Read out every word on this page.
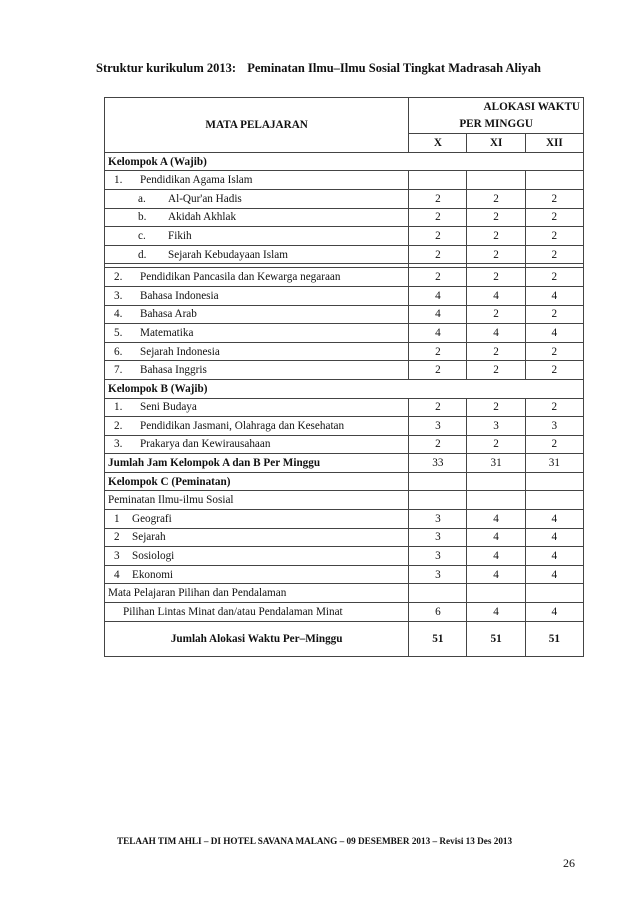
Struktur kurikulum 2013: Peminatan Ilmu–Ilmu Sosial Tingkat Madrasah Aliyah
MATA PELAJARAN	ALOKASI WAKTU		
	PER MINGGU		
	X	XI	XII
Kelompok A (Wajib)			
1. Pendidikan Agama Islam			
a. Al-Qur'an Hadis	2	2	2
b. Akidah Akhlak	2	2	2
c. Fikih	2	2	2
d. Sejarah Kebudayaan Islam	2	2	2

2. Pendidikan Pancasila dan Kewarga negaraan	2	2	2
3. Bahasa Indonesia	4	4	4
4. Bahasa Arab	4	2	2
5. Matematika	4	4	4
6. Sejarah Indonesia	2	2	2
7. Bahasa Inggris	2	2	2
Kelompok B (Wajib)			
1. Seni Budaya	2	2	2
2. Pendidikan Jasmani, Olahraga dan Kesehatan	3	3	3
3. Prakarya dan Kewirausahaan	2	2	2
Jumlah Jam Kelompok A dan B Per Minggu	33	31	31
Kelompok C (Peminatan)			
Peminatan Ilmu-ilmu Sosial			
1 Geografi	3	4	4
2 Sejarah	3	4	4
3 Sosiologi	3	4	4
4 Ekonomi	3	4	4
Mata Pelajaran Pilihan dan Pendalaman			
Pilihan Lintas Minat dan/atau Pendalaman Minat	6	4	4
Jumlah Alokasi Waktu Per–Minggu	51	51	51
TELAAH TIM AHLI – DI HOTEL SAVANA MALANG – 09 DESEMBER 2013 – Revisi 13 Des 2013
26
